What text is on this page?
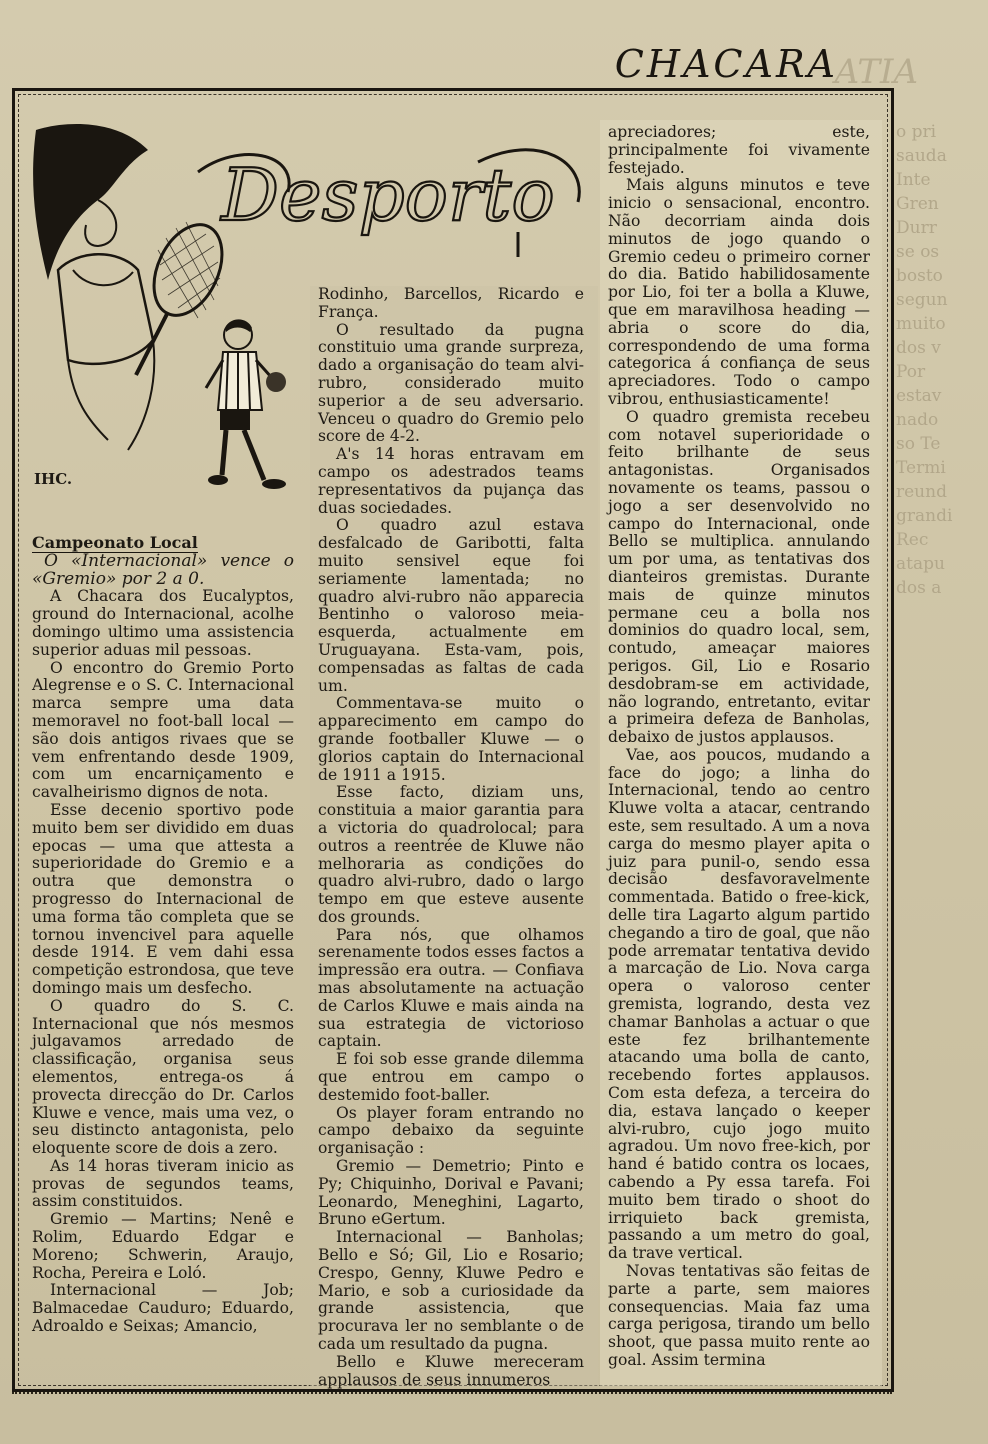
ATIA
CHACARA
o pri
sauda
Inte
Gren
Durr
se os
bosto
segun
muito
dos v
Por
estav
nado
so Te
Termi
reund
grandi
Rec
atapu
dos a
IHC.
Desporto

Campeonato Local

O «Internacional» vence o «Gremio» por 2 a 0.

A Chacara dos Eucalyptos, ground do Internacional, acolhe domingo ultimo uma assistencia superior aduas mil pessoas.

O encontro do Gremio Porto Alegrense e o S. C. Internacional marca sempre uma data memoravel no foot-ball local — são dois antigos rivaes que se vem enfrentando desde 1909, com um encarniçamento e cavalheirismo dignos de nota.

Esse decenio sportivo pode muito bem ser dividido em duas epocas — uma que attesta a superioridade do Gremio e a outra que demonstra o progresso do Internacional de uma forma tão completa que se tornou invencivel para aquelle desde 1914. E vem dahi essa competição estrondosa, que teve domingo mais um desfecho.

O quadro do S. C. Internacional que nós mesmos julgavamos arredado de classificação, organisa seus elementos, entrega-os á provecta direcção do Dr. Carlos Kluwe e vence, mais uma vez, o seu distincto antagonista, pelo eloquente score de dois a zero.

As 14 horas tiveram inicio as provas de segundos teams, assim constituidos.

Gremio — Martins; Nenê e Rolim, Eduardo Edgar e Moreno; Schwerin, Araujo, Rocha, Pereira e Loló.

Internacional — Job; Balmacedae Cauduro; Eduardo, Adroaldo e Seixas; Amancio,

Rodinho, Barcellos, Ricardo e França.

O resultado da pugna constituio uma grande surpreza, dado a organisação do team alvi-rubro, considerado muito superior a de seu adversario. Venceu o quadro do Gremio pelo score de 4-2.

A's 14 horas entravam em campo os adestrados teams representativos da pujança das duas sociedades.

O quadro azul estava desfalcado de Garibotti, falta muito sensivel eque foi seriamente lamentada; no quadro alvi-rubro não apparecia Bentinho o valoroso meia-esquerda, actualmente em Uruguayana. Esta-vam, pois, compensadas as faltas de cada um.

Commentava-se muito o apparecimento em campo do grande footballer Kluwe — o glorios captain do Internacional de 1911 a 1915.

Esse facto, diziam uns, constituia a maior garantia para a victoria do quadrolocal; para outros a reentrée de Kluwe não melhoraria as condições do quadro alvi-rubro, dado o largo tempo em que esteve ausente dos grounds.

Para nós, que olhamos serenamente todos esses factos a impressão era outra. — Confiava mas absolutamente na actuação de Carlos Kluwe e mais ainda na sua estrategia de victorioso captain.

E foi sob esse grande dilemma que entrou em campo o destemido foot-baller.

Os player foram entrando no campo debaixo da seguinte organisação :

Gremio — Demetrio; Pinto e Py; Chiquinho, Dorival e Pavani; Leonardo, Meneghini, Lagarto, Bruno eGertum.

Internacional — Banholas; Bello e Só; Gil, Lio e Rosario; Crespo, Genny, Kluwe Pedro e Mario, e sob a curiosidade da grande assistencia, que procurava ler no semblante o de cada um resultado da pugna.

Bello e Kluwe mereceram applausos de seus innumeros

apreciadores; este, principalmente foi vivamente festejado.

Mais alguns minutos e teve inicio o sensacional, encontro. Não decorriam ainda dois minutos de jogo quando o Gremio cedeu o primeiro corner do dia. Batido habilidosamente por Lio, foi ter a bolla a Kluwe, que em maravilhosa heading — abria o score do dia, correspondendo de uma forma categorica á confiança de seus apreciadores. Todo o campo vibrou, enthusiasticamente!

O quadro gremista recebeu com notavel superioridade o feito brilhante de seus antagonistas. Organisados novamente os teams, passou o jogo a ser desenvolvido no campo do Internacional, onde Bello se multiplica. annulando um por uma, as tentativas dos dianteiros gremistas. Durante mais de quinze minutos permane ceu a bolla nos dominios do quadro local, sem, contudo, ameaçar maiores perigos. Gil, Lio e Rosario desdobram-se em actividade, não logrando, entretanto, evitar a primeira defeza de Banholas, debaixo de justos applausos.

Vae, aos poucos, mudando a face do jogo; a linha do Internacional, tendo ao centro Kluwe volta a atacar, centrando este, sem resultado. A um a nova carga do mesmo player apita o juiz para punil-o, sendo essa decisão desfavoravelmente commentada. Batido o free-kick, delle tira Lagarto algum partido chegando a tiro de goal, que não pode arrematar tentativa devido a marcação de Lio. Nova carga opera o valoroso center gremista, logrando, desta vez chamar Banholas a actuar o que este fez brilhantemente atacando uma bolla de canto, recebendo fortes applausos. Com esta defeza, a terceira do dia, estava lançado o keeper alvi-rubro, cujo jogo muito agradou. Um novo free-kich, por hand é batido contra os locaes, cabendo a Py essa tarefa. Foi muito bem tirado o shoot do irriquieto back gremista, passando a um metro do goal, da trave vertical.

Novas tentativas são feitas de parte a parte, sem maiores consequencias. Maia faz uma carga perigosa, tirando um bello shoot, que passa muito rente ao goal. Assim termina
